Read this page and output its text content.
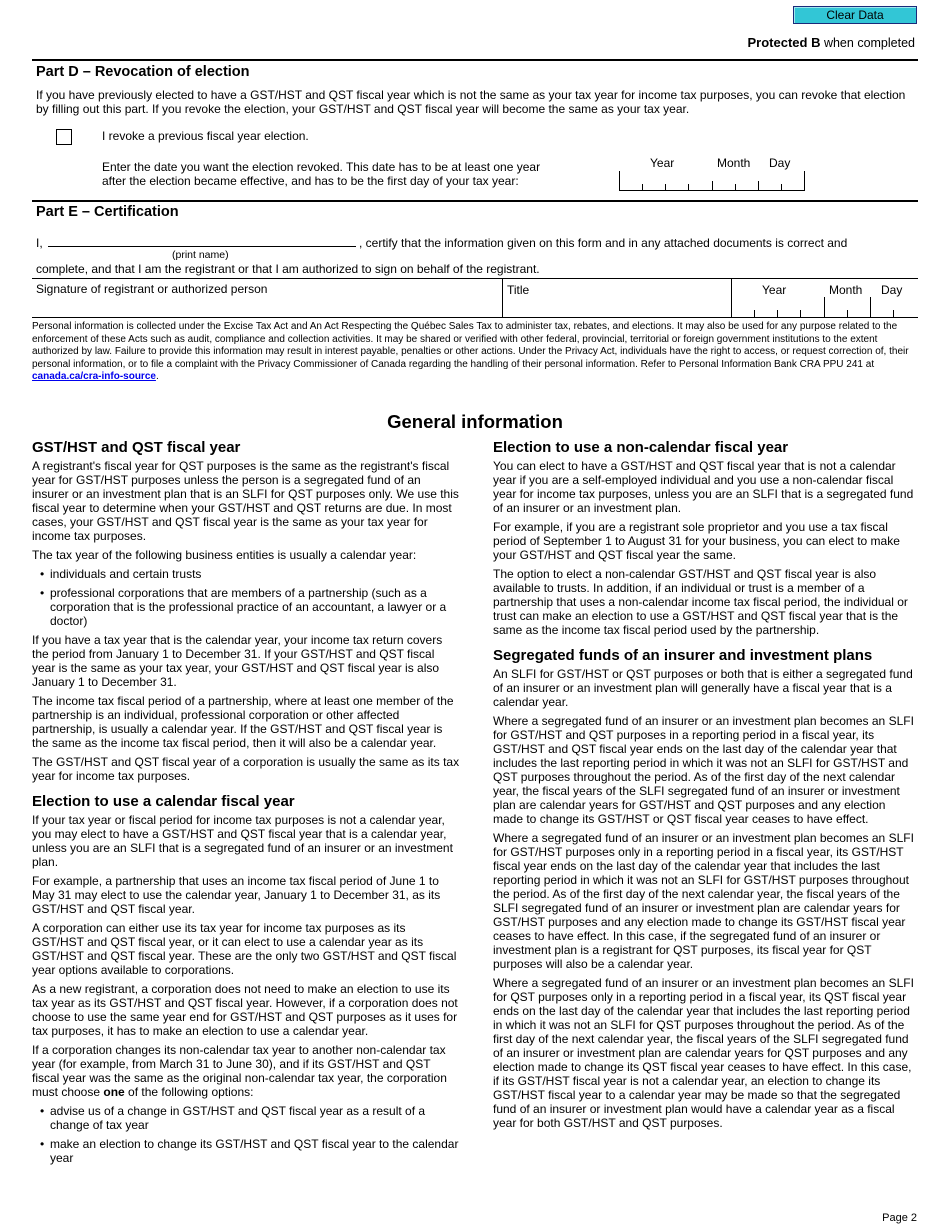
Clear Data
Protected B when completed
Part D – Revocation of election
If you have previously elected to have a GST/HST and QST fiscal year which is not the same as your tax year for income tax purposes, you can revoke that election by filling out this part. If you revoke the election, your GST/HST and QST fiscal year will become the same as your tax year.
I revoke a previous fiscal year election.
Enter the date you want the election revoked. This date has to be at least one year
after the election became effective, and has to be the first day of your tax year:
Year	Month Day
Part E – Certification
I,	, certify that the information given on this form and in any attached documents is correct and
(print name)
complete, and that I am the registrant or that I am authorized to sign on behalf of the registrant.
Signature of registrant or authorized person	Title	Year	Month Day
Personal information is collected under the Excise Tax Act and An Act Respecting the Québec Sales Tax to administer tax, rebates, and elections. It may also be used for any purpose related to the enforcement of these Acts such as audit, compliance and collection activities. It may be shared or verified with other federal, provincial, territorial or foreign government institutions to the extent authorized by law. Failure to provide this information may result in interest payable, penalties or other actions. Under the Privacy Act, individuals have the right to access, or request correction of, their personal information, or to file a complaint with the Privacy Commissioner of Canada regarding the handling of their personal information. Refer to Personal Information Bank CRA PPU 241 at canada.ca/cra-info-source.
General information
GST/HST and QST fiscal year

A registrant's fiscal year for QST purposes is the same as the registrant's fiscal year for GST/HST purposes unless the person is a segregated fund of an insurer or an investment plan that is an SLFI for QST purposes only. We use this fiscal year to determine when your GST/HST and QST returns are due. In most cases, your GST/HST and QST fiscal year is the same as your tax year for income tax purposes.

The tax year of the following business entities is usually a calendar year:

• individuals and certain trusts
• professional corporations that are members of a partnership (such as a corporation that is the professional practice of an accountant, a lawyer or a doctor)

If you have a tax year that is the calendar year, your income tax return covers the period from January 1 to December 31. If your GST/HST and QST fiscal year is the same as your tax year, your GST/HST and QST fiscal year is also January 1 to December 31.

The income tax fiscal period of a partnership, where at least one member of the partnership is an individual, professional corporation or other affected partnership, is usually a calendar year. If the GST/HST and QST fiscal year is the same as the income tax fiscal period, then it will also be a calendar year.

The GST/HST and QST fiscal year of a corporation is usually the same as its tax year for income tax purposes.

Election to use a calendar fiscal year

If your tax year or fiscal period for income tax purposes is not a calendar year, you may elect to have a GST/HST and QST fiscal year that is a calendar year, unless you are an SLFI that is a segregated fund of an insurer or an investment plan.

For example, a partnership that uses an income tax fiscal period of June 1 to May 31 may elect to use the calendar year, January 1 to December 31, as its GST/HST and QST fiscal year.

A corporation can either use its tax year for income tax purposes as its GST/HST and QST fiscal year, or it can elect to use a calendar year as its GST/HST and QST fiscal year. These are the only two GST/HST and QST fiscal year options available to corporations.

As a new registrant, a corporation does not need to make an election to use its tax year as its GST/HST and QST fiscal year. However, if a corporation does not choose to use the same year end for GST/HST and QST purposes as it uses for tax purposes, it has to make an election to use a calendar year.

If a corporation changes its non-calendar tax year to another non-calendar tax year (for example, from March 31 to June 30), and if its GST/HST and QST fiscal year was the same as the original non-calendar tax year, the corporation must choose one of the following options:

• advise us of a change in GST/HST and QST fiscal year as a result of a change of tax year
• make an election to change its GST/HST and QST fiscal year to the calendar year
Election to use a non-calendar fiscal year

You can elect to have a GST/HST and QST fiscal year that is not a calendar year if you are a self-employed individual and you use a non-calendar fiscal year for income tax purposes, unless you are an SLFI that is a segregated fund of an insurer or an investment plan.

For example, if you are a registrant sole proprietor and you use a tax fiscal period of September 1 to August 31 for your business, you can elect to make your GST/HST and QST fiscal year the same.

The option to elect a non-calendar GST/HST and QST fiscal year is also available to trusts. In addition, if an individual or trust is a member of a partnership that uses a non-calendar income tax fiscal period, the individual or trust can make an election to use a GST/HST and QST fiscal year that is the same as the income tax fiscal period used by the partnership.

Segregated funds of an insurer and investment plans

An SLFI for GST/HST or QST purposes or both that is either a segregated fund of an insurer or an investment plan will generally have a fiscal year that is a calendar year.

Where a segregated fund of an insurer or an investment plan becomes an SLFI for GST/HST and QST purposes in a reporting period in a fiscal year, its GST/HST and QST fiscal year ends on the last day of the calendar year that includes the last reporting period in which it was not an SLFI for GST/HST and QST purposes throughout the period. As of the first day of the next calendar year, the fiscal years of the SLFI segregated fund of an insurer or investment plan are calendar years for GST/HST and QST purposes and any election made to change its GST/HST or QST fiscal year ceases to have effect.

Where a segregated fund of an insurer or an investment plan becomes an SLFI for GST/HST purposes only in a reporting period in a fiscal year, its GST/HST fiscal year ends on the last day of the calendar year that includes the last reporting period in which it was not an SLFI for GST/HST purposes throughout the period. As of the first day of the next calendar year, the fiscal years of the SLFI segregated fund of an insurer or investment plan are calendar years for GST/HST purposes and any election made to change its GST/HST fiscal year ceases to have effect. In this case, if the segregated fund of an insurer or investment plan is a registrant for QST purposes, its fiscal year for QST purposes will also be a calendar year.

Where a segregated fund of an insurer or an investment plan becomes an SLFI for QST purposes only in a reporting period in a fiscal year, its QST fiscal year ends on the last day of the calendar year that includes the last reporting period in which it was not an SLFI for QST purposes throughout the period. As of the first day of the next calendar year, the fiscal years of the SLFI segregated fund of an insurer or investment plan are calendar years for QST purposes and any election made to change its QST fiscal year ceases to have effect. In this case, if its GST/HST fiscal year is not a calendar year, an election to change its GST/HST fiscal year to a calendar year may be made so that the segregated fund of an insurer or investment plan would have a calendar year as a fiscal year for both GST/HST and QST purposes.

Page 2
